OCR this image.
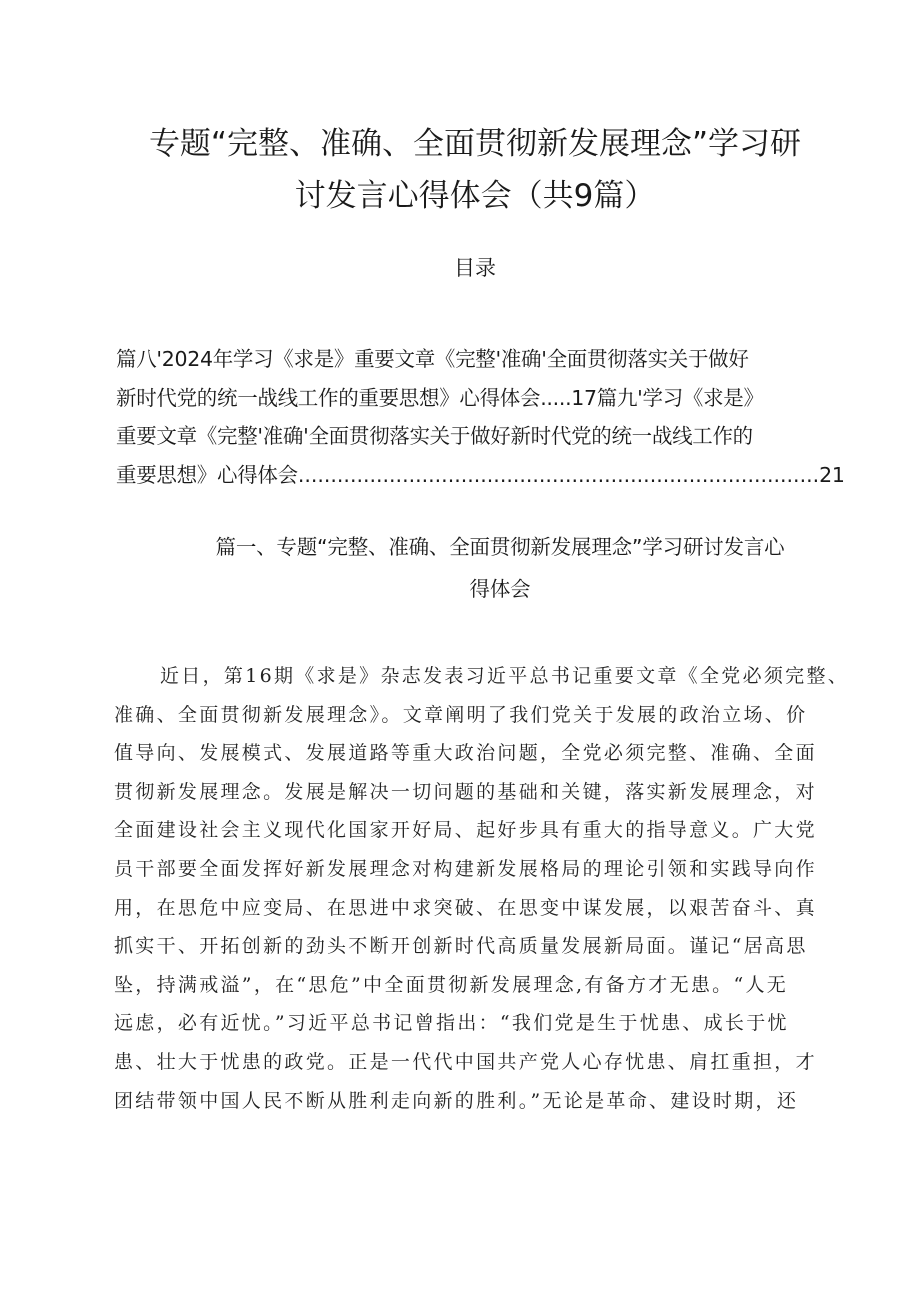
专题“完整、准确、全面贯彻新发展理念”学习研
讨发言心得体会（共9篇）
目录
篇八'2024年学习《求是》重要文章《完整'准确'全面贯彻落实关于做好
新时代党的统一战线工作的重要思想》心得体会.....17篇九'学习《求是》
重要文章《完整'准确'全面贯彻落实关于做好新时代党的统一战线工作的
重要思想》心得体会................................................................................21
篇一、专题“完整、准确、全面贯彻新发展理念”学习研讨发言心
得体会
近日，第16期《求是》杂志发表习近平总书记重要文章《全党必须完整、
准确、全面贯彻新发展理念》。文章阐明了我们党关于发展的政治立场、价
值导向、发展模式、发展道路等重大政治问题，全党必须完整、准确、全面
贯彻新发展理念。发展是解决一切问题的基础和关键，落实新发展理念，对
全面建设社会主义现代化国家开好局、起好步具有重大的指导意义。广大党
员干部要全面发挥好新发展理念对构建新发展格局的理论引领和实践导向作
用，在思危中应变局、在思进中求突破、在思变中谋发展，以艰苦奋斗、真
抓实干、开拓创新的劲头不断开创新时代高质量发展新局面。谨记“居高思
坠，持满戒溢”，在“思危”中全面贯彻新发展理念,有备方才无患。“人无
远虑，必有近忧。”习近平总书记曾指出：“我们党是生于忧患、成长于忧
患、壮大于忧患的政党。正是一代代中国共产党人心存忧患、肩扛重担，才
团结带领中国人民不断从胜利走向新的胜利。”无论是革命、建设时期，还
